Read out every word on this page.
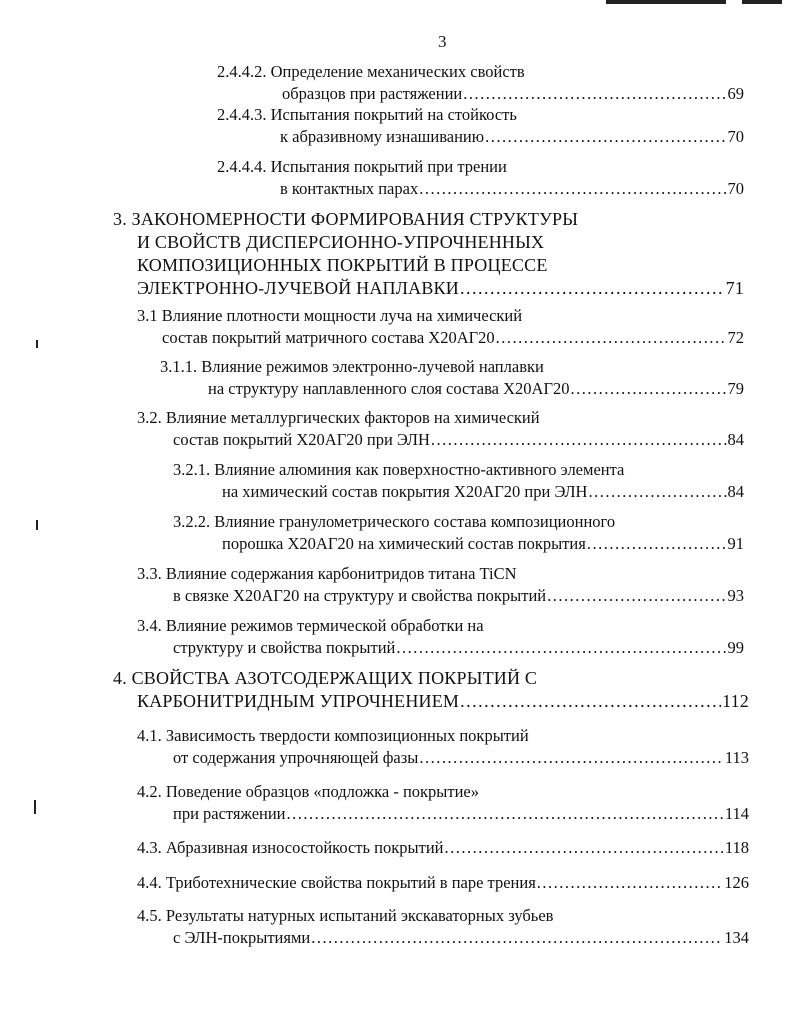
3
2.4.4.2. Определение механических свойств
образцов при растяжении .....	69
2.4.4.3. Испытания покрытий на стойкость
к абразивному изнашиванию .....	70
2.4.4.4. Испытания покрытий при трении
в контактных парах .....	70
3. ЗАКОНОМЕРНОСТИ ФОРМИРОВАНИЯ СТРУКТУРЫ
И СВОЙСТВ ДИСПЕРСИОННО-УПРОЧНЕННЫХ
КОМПОЗИЦИОННЫХ ПОКРЫТИЙ В ПРОЦЕССЕ
ЭЛЕКТРОННО-ЛУЧЕВОЙ НАПЛАВКИ .....	71
3.1 Влияние плотности мощности луча на химический
состав покрытий матричного состава Х20АГ20 .....	72
3.1.1. Влияние режимов электронно-лучевой наплавки
на структуру наплавленного слоя состава Х20АГ20 .....	79
3.2. Влияние металлургических факторов на химический
состав покрытий Х20АГ20 при ЭЛН .....	84
3.2.1. Влияние алюминия как поверхностно-активного элемента
на химический состав покрытия Х20АГ20 при ЭЛН .....	84
3.2.2. Влияние гранулометрического состава композиционного
порошка Х20АГ20 на химический состав покрытия .....	91
3.3. Влияние содержания карбонитридов титана TiCN
в связке Х20АГ20 на структуру и свойства покрытий .....	93
3.4. Влияние режимов термической обработки на
структуру и свойства покрытий .....	99
4. СВОЙСТВА АЗОТСОДЕРЖАЩИХ ПОКРЫТИЙ С
КАРБОНИТРИДНЫМ УПРОЧНЕНИЕМ .....	112
4.1. Зависимость твердости композиционных покрытий
от содержания упрочняющей фазы .....	113
4.2. Поведение образцов «подложка - покрытие»
при растяжении .....	114
4.3. Абразивная износостойкость покрытий .....	118
4.4. Триботехнические свойства покрытий в паре трения .....	126
4.5. Результаты натурных испытаний экскаваторных зубьев
с ЭЛН-покрытиями .....	134
